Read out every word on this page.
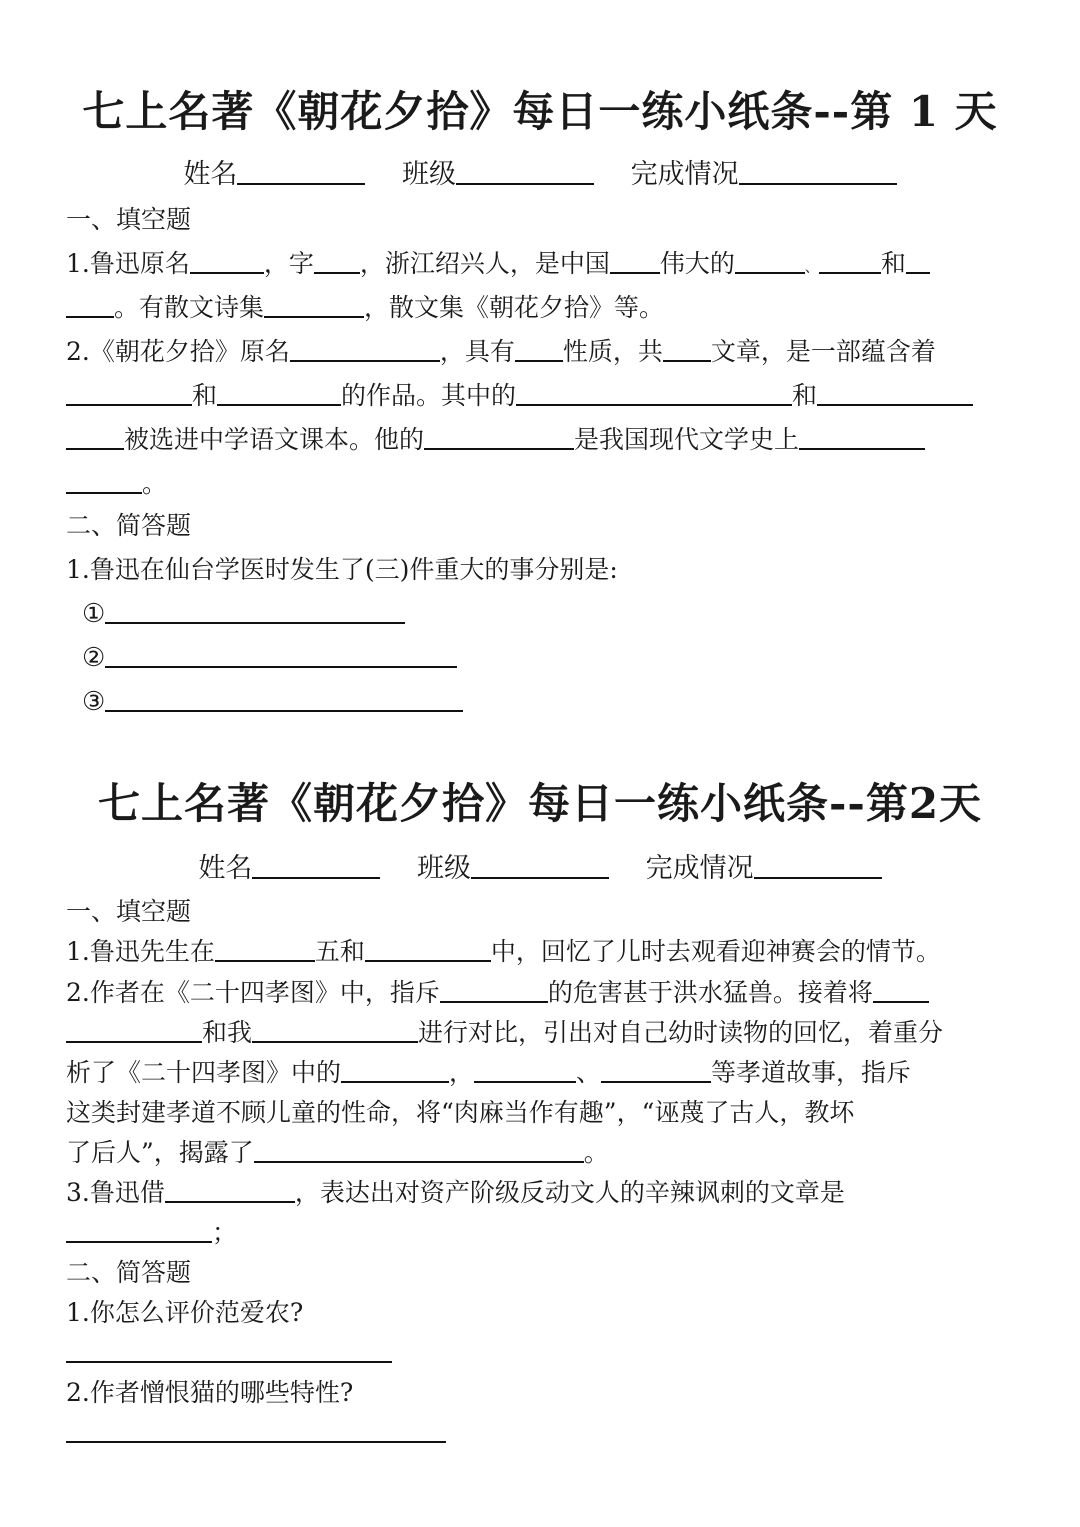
七上名著《朝花夕拾》每日一练小纸条--第 1 天
姓名	班级	完成情况
一、填空题
1.鲁迅原名	，字 ，浙江绍兴人，是中国 伟大的	、 和
。有散文诗集	，散文集《朝花夕拾》等。
2.《朝花夕拾》原名	，具有 性质，共 文章，是一部蕴含着
和	的作品。其中的	和
被选进中学语文课本。他的	是我国现代文学史上
。
二、简答题
1.鲁迅在仙台学医时发生了(三)件重大的事分别是:
①
②
③
七上名著《朝花夕拾》每日一练小纸条--第2天
姓名	班级	完成情况
一、填空题
1.鲁迅先生在	五和	中，回忆了儿时去观看迎神赛会的情节。
2.作者在《二十四孝图》中，指斥	的危害甚于洪水猛兽。接着将
和我	进行对比，引出对自己幼时读物的回忆，着重分
析了《二十四孝图》中的	，	、	等孝道故事，指斥
这类封建孝道不顾儿童的性命，将“肉麻当作有趣”，“诬蔑了古人，教坏
了后人”，揭露了	。
3.鲁迅借	，表达出对资产阶级反动文人的辛辣讽刺的文章是
；
二、简答题
1.你怎么评价范爱农?
2.作者憎恨猫的哪些特性?
